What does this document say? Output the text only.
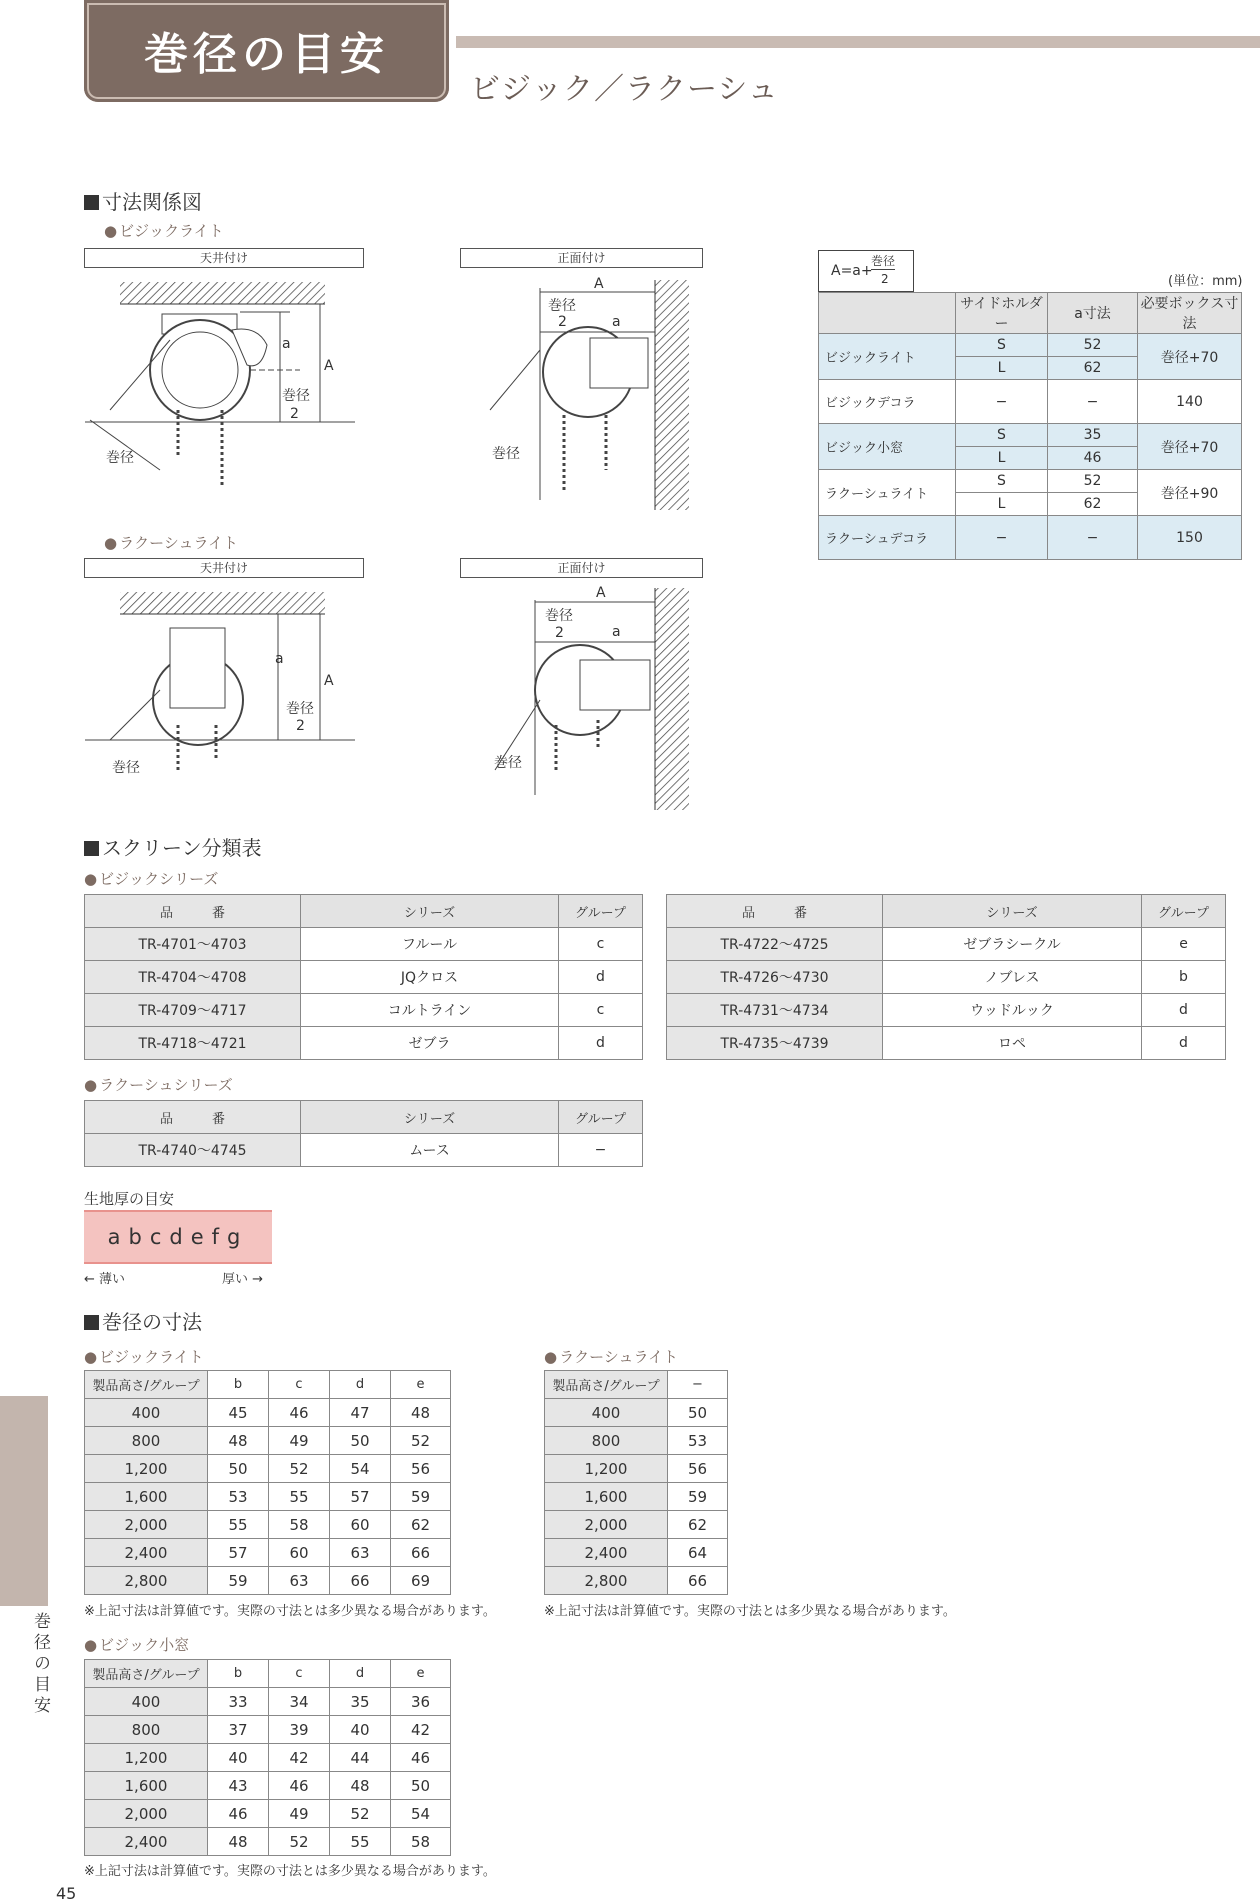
巻径の目安
ビジック／ラクーシュ
寸法関係図
● ビジックライト
天井付け	正面付け
● ラクーシュライト
天井付け	正面付け
a
A
巻径
2
巻径
A
巻径
2	a
巻径
a
A
巻径
2
巻径
A
巻径
2	a
巻径
A=a+
巻径
2	(単位：mm)
	サイドホルダー	a寸法	必要ボックス寸法
ビジックライト	S	52	巻径+70
	L	62	
ビジックデコラ	−	−	140
ビジック小窓	S	35	巻径+70
	L	46	
ラクーシュライト	S	52	巻径+90
	L	62	
ラクーシュデコラ	−	−	150
スクリーン分類表
● ビジックシリーズ
品　　　番	シリーズ	グループ
TR-4701〜4703	フルール	c
TR-4704〜4708	JQクロス	d
TR-4709〜4717	コルトライン	c
TR-4718〜4721	ゼブラ	d
品　　　番	シリーズ	グループ
TR-4722〜4725	ゼブラシークル	e
TR-4726〜4730	ノブレス	b
TR-4731〜4734	ウッドルック	d
TR-4735〜4739	ロペ	d
● ラクーシュシリーズ
品　　　番	シリーズ	グループ
TR-4740〜4745	ムース	−
生地厚の目安
abcdefg
← 薄い	厚い →
巻径の寸法
● ビジックライト	● ラクーシュライト
製品高さ/グループ	b	c	d	e
400	45	46	47	48
800	48	49	50	52
1,200	50	52	54	56
1,600	53	55	57	59
2,000	55	58	60	62
2,400	57	60	63	66
2,800	59	63	66	69
※上記寸法は計算値です。実際の寸法とは多少異なる場合があります。
製品高さ/グループ	−
400	50
800	53
1,200	56
1,600	59
2,000	62
2,400	64
2,800	66
※上記寸法は計算値です。実際の寸法とは多少異なる場合があります。
● ビジック小窓
製品高さ/グループ	b	c	d	e
400	33	34	35	36
800	37	39	40	42
1,200	40	42	44	46
1,600	43	46	48	50
2,000	46	49	52	54
2,400	48	52	55	58
※上記寸法は計算値です。実際の寸法とは多少異なる場合があります。
巻径の目安
45
